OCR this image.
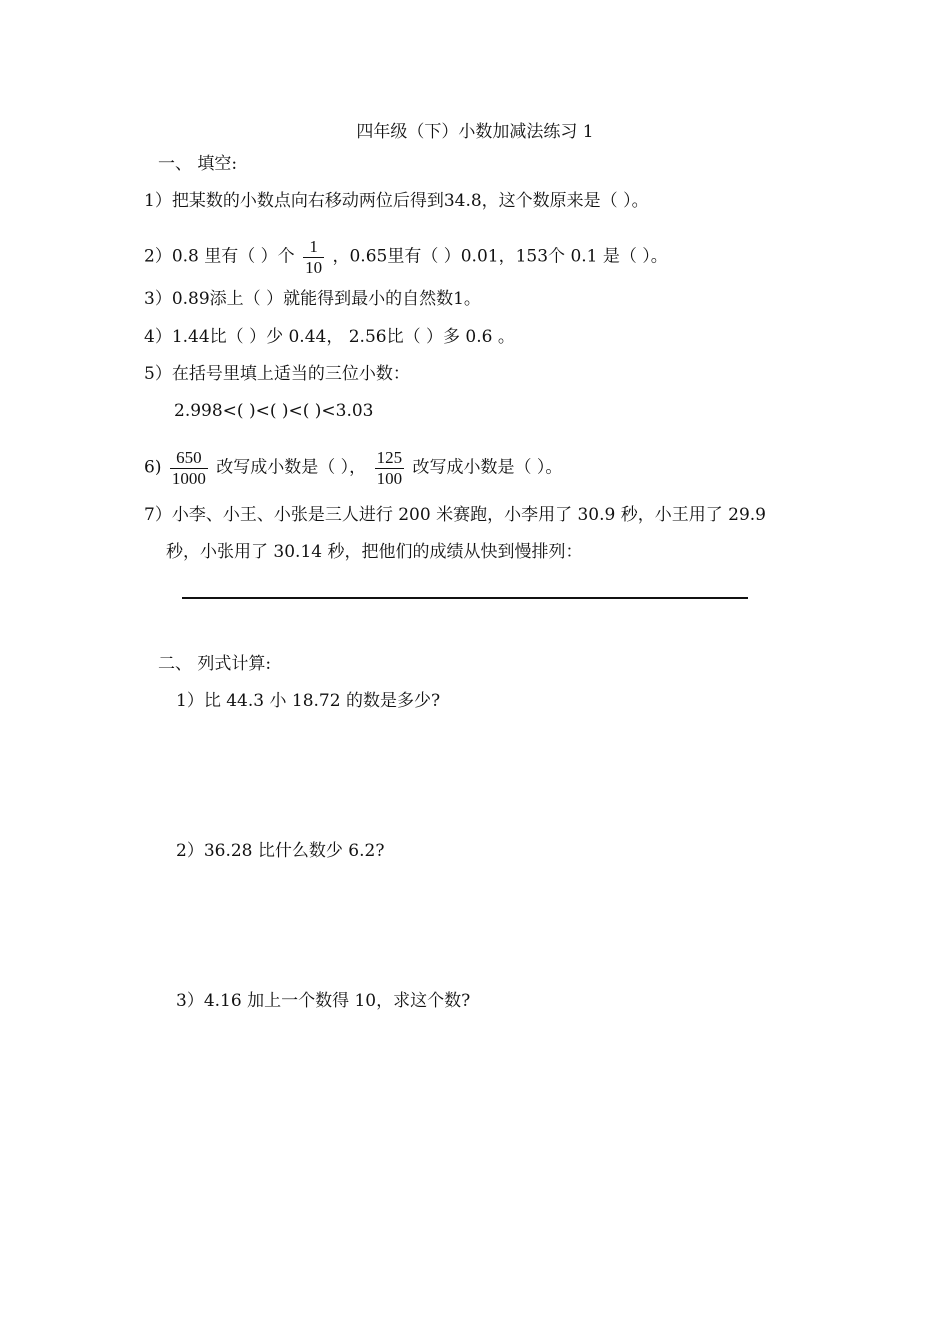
四年级（下）小数加减法练习 1
一、 填空:
1）把某数的小数点向右移动两位后得到34.8，这个数原来是（ ）。
2）0.8 里有（ ）个 $\frac{1}{10}$ ，0.65里有（ ）0.01，153个 0.1 是（ ）。
3）0.89添上（ ）就能得到最小的自然数1。
4）1.44比（ ）少 0.44， 2.56比（ ）多 0.6 。
5）在括号里填上适当的三位小数：
2.998<( )<( )<( )<3.03
$6) \frac{650}{1000}$ 改写成小数是（ ）， $\frac{125}{100}$ 改写成小数是（ ）。
7）小李、小王、小张是三人进行 200 米赛跑，小李用了 30.9 秒，小王用了 29.9
秒，小张用了 30.14 秒，把他们的成绩从快到慢排列：
二、 列式计算:
1）比 44.3 小 18.72 的数是多少?
2）36.28 比什么数少 6.2?
3）4.16 加上一个数得 10，求这个数?
